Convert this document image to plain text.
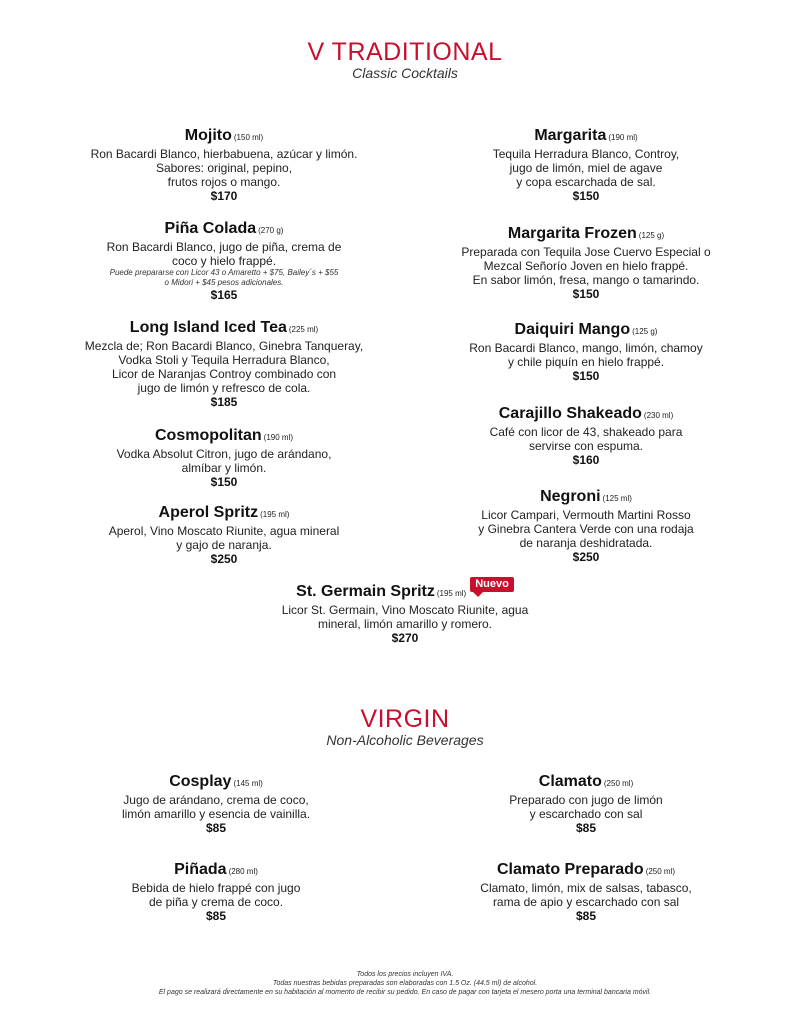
V TRADITIONAL
Classic Cocktails
Mojito (150 ml)
Ron Bacardi Blanco, hierbabuena, azúcar y limón.
Sabores: original, pepino,
frutos rojos o mango.
$170
Margarita (190 ml)
Tequila Herradura Blanco, Controy,
jugo de limón, miel de agave
y copa escarchada de sal.
$150
Piña Colada (270 g)
Ron Bacardi Blanco, jugo de piña, crema de
coco y hielo frappé.
Puede prepararse con Licor 43 o Amaretto + $75, Bailey´s + $55
o Midori + $45 pesos adicionales.
$165
Margarita Frozen (125 g)
Preparada con Tequila Jose Cuervo Especial o
Mezcal Señorío Joven en hielo frappé.
En sabor limón, fresa, mango o tamarindo.
$150
Long Island Iced Tea (225 ml)
Mezcla de; Ron Bacardi Blanco, Ginebra Tanqueray,
Vodka Stoli y Tequila Herradura Blanco,
Licor de Naranjas Controy combinado con
jugo de limón y refresco de cola.
$185
Daiquiri Mango (125 g)
Ron Bacardi Blanco, mango, limón, chamoy
y chile piquín en hielo frappé.
$150
Cosmopolitan (190 ml)
Vodka Absolut Citron, jugo de arándano,
almíbar y limón.
$150
Carajillo Shakeado (230 ml)
Café con licor de 43, shakeado para
servirse con espuma.
$160
Negroni (125 ml)
Licor Campari, Vermouth Martini Rosso
y Ginebra Cantera Verde con una rodaja
de naranja deshidratada.
$250
Aperol Spritz (195 ml)
Aperol, Vino Moscato Riunite, agua mineral
y gajo de naranja.
$250
St. Germain Spritz (195 ml)Nuevo
Licor St. Germain, Vino Moscato Riunite, agua
mineral, limón amarillo y romero.
$270
VIRGIN
Non-Alcoholic Beverages
Cosplay (145 ml)
Jugo de arándano, crema de coco,
limón amarillo y esencia de vainilla.
$85
Clamato (250 ml)
Preparado con jugo de limón
y escarchado con sal
$85
Piñada (280 ml)
Bebida de hielo frappé con jugo
de piña y crema de coco.
$85
Clamato Preparado (250 ml)
Clamato, limón, mix de salsas, tabasco,
rama de apio y escarchado con sal
$85
Todos los precios incluyen IVA.
Todas nuestras bebidas preparadas son elaboradas con 1.5 Oz. (44.5 ml) de alcohol.
El pago se realizará directamente en su habitación al momento de recibir su pedido. En caso de pagar con tarjeta el mesero porta una terminal bancaria móvil.
